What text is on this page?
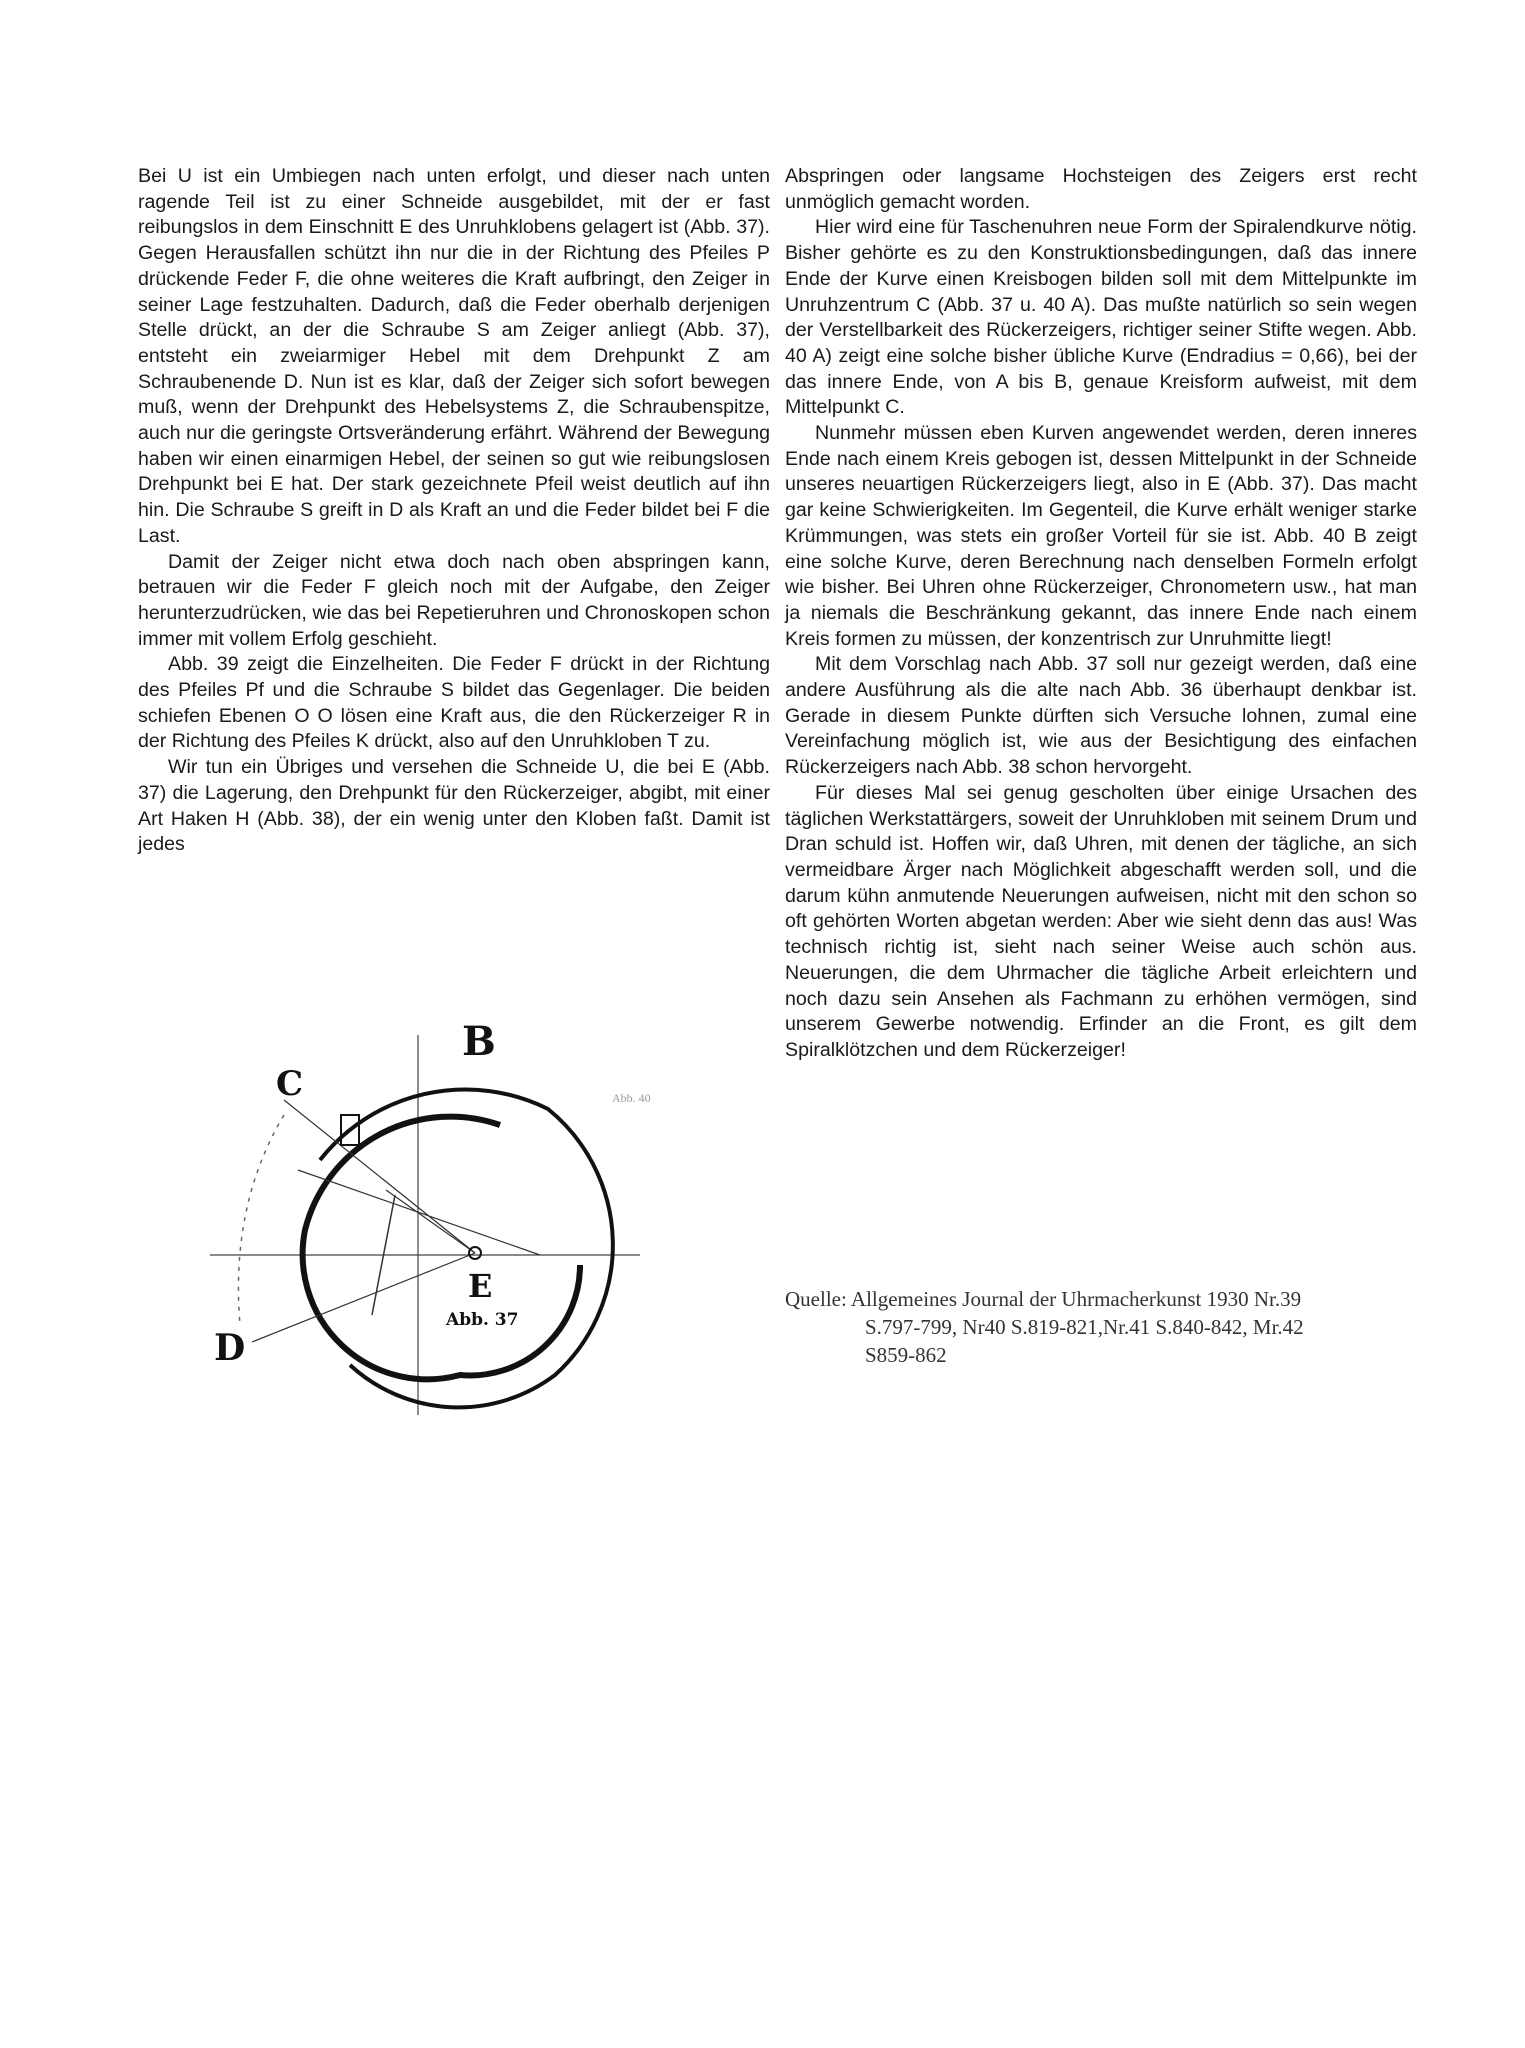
Bei U ist ein Umbiegen nach unten erfolgt, und dieser nach unten ragende Teil ist zu einer Schneide ausgebildet, mit der er fast reibungslos in dem Einschnitt E des Unruhklobens gelagert ist (Abb. 37). Gegen Herausfallen schützt ihn nur die in der Richtung des Pfeiles P drückende Feder F, die ohne weiteres die Kraft aufbringt, den Zeiger in seiner Lage festzuhalten. Dadurch, daß die Feder oberhalb derjenigen Stelle drückt, an der die Schraube S am Zeiger anliegt (Abb. 37), entsteht ein zweiarmiger Hebel mit dem Drehpunkt Z am Schraubenende D. Nun ist es klar, daß der Zeiger sich sofort bewegen muß, wenn der Drehpunkt des Hebelsystems Z, die Schraubenspitze, auch nur die geringste Ortsveränderung erfährt. Während der Bewegung haben wir einen einarmigen Hebel, der seinen so gut wie reibungslosen Drehpunkt bei E hat. Der stark gezeichnete Pfeil weist deutlich auf ihn hin. Die Schraube S greift in D als Kraft an und die Feder bildet bei F die Last.

Damit der Zeiger nicht etwa doch nach oben abspringen kann, betrauen wir die Feder F gleich noch mit der Aufgabe, den Zeiger herunterzudrücken, wie das bei Repetieruhren und Chronoskopen schon immer mit vollem Erfolg geschieht.

Abb. 39 zeigt die Einzelheiten. Die Feder F drückt in der Richtung des Pfeiles Pf und die Schraube S bildet das Gegenlager. Die beiden schiefen Ebenen O O lösen eine Kraft aus, die den Rückerzeiger R in der Richtung des Pfeiles K drückt, also auf den Unruhkloben T zu.

Wir tun ein Übriges und versehen die Schneide U, die bei E (Abb. 37) die Lagerung, den Drehpunkt für den Rückerzeiger, abgibt, mit einer Art Haken H (Abb. 38), der ein wenig unter den Kloben faßt. Damit ist jedes

Abspringen oder langsame Hochsteigen des Zeigers erst recht unmöglich gemacht worden.

Hier wird eine für Taschenuhren neue Form der Spiralendkurve nötig. Bisher gehörte es zu den Konstruktionsbedingungen, daß das innere Ende der Kurve einen Kreisbogen bilden soll mit dem Mittelpunkte im Unruhzentrum C (Abb. 37 u. 40 A). Das mußte natürlich so sein wegen der Verstellbarkeit des Rückerzeigers, richtiger seiner Stifte wegen. Abb. 40 A) zeigt eine solche bisher übliche Kurve (Endradius = 0,66), bei der das innere Ende, von A bis B, genaue Kreisform aufweist, mit dem Mittelpunkt C.

Nunmehr müssen eben Kurven angewendet werden, deren inneres Ende nach einem Kreis gebogen ist, dessen Mittelpunkt in der Schneide unseres neuartigen Rückerzeigers liegt, also in E (Abb. 37). Das macht gar keine Schwierigkeiten. Im Gegenteil, die Kurve erhält weniger starke Krümmungen, was stets ein großer Vorteil für sie ist. Abb. 40 B zeigt eine solche Kurve, deren Berechnung nach denselben Formeln erfolgt wie bisher. Bei Uhren ohne Rückerzeiger, Chronometern usw., hat man ja niemals die Beschränkung gekannt, das innere Ende nach einem Kreis formen zu müssen, der konzentrisch zur Unruhmitte liegt!

Mit dem Vorschlag nach Abb. 37 soll nur gezeigt werden, daß eine andere Ausführung als die alte nach Abb. 36 überhaupt denkbar ist. Gerade in diesem Punkte dürften sich Versuche lohnen, zumal eine Vereinfachung möglich ist, wie aus der Besichtigung des einfachen Rückerzeigers nach Abb. 38 schon hervorgeht.

Für dieses Mal sei genug gescholten über einige Ursachen des täglichen Werkstattärgers, soweit der Unruhkloben mit seinem Drum und Dran schuld ist. Hoffen wir, daß Uhren, mit denen der tägliche, an sich vermeidbare Ärger nach Möglichkeit abgeschafft werden soll, und die darum kühn anmutende Neuerungen aufweisen, nicht mit den schon so oft gehörten Worten abgetan werden: Aber wie sieht denn das aus! Was technisch richtig ist, sieht nach seiner Weise auch schön aus. Neuerungen, die dem Uhrmacher die tägliche Arbeit erleichtern und noch dazu sein Ansehen als Fachmann zu erhöhen vermögen, sind unserem Gewerbe notwendig. Erfinder an die Front, es gilt dem Spiralklötzchen und dem Rückerzeiger!

Quelle: Allgemeines Journal der Uhrmacherkunst 1930 Nr.39

S.797-799, Nr40 S.819-821,Nr.41 S.840-842, Mr.42
S859-862
B
C
D
E
Abb. 37
Abb. 40
